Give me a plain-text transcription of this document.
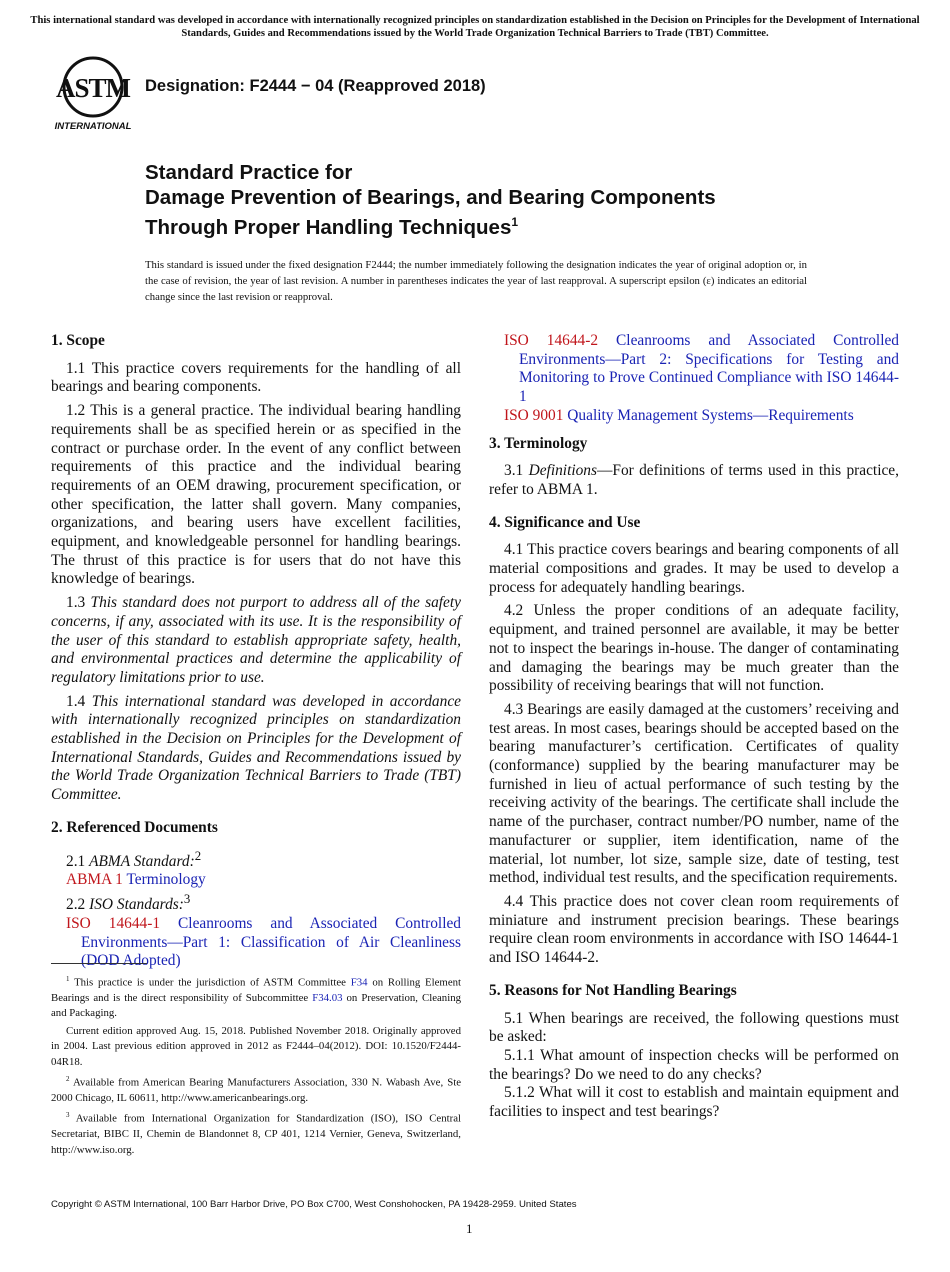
This international standard was developed in accordance with internationally recognized principles on standardization established in the Decision on Principles for the Development of International Standards, Guides and Recommendations issued by the World Trade Organization Technical Barriers to Trade (TBT) Committee.
ASTM
INTERNATIONAL
Designation: F2444 − 04 (Reapproved 2018)
Standard Practice for
Damage Prevention of Bearings, and Bearing Components
Through Proper Handling Techniques$^1$
This standard is issued under the fixed designation F2444; the number immediately following the designation indicates the year of original adoption or, in the case of revision, the year of last revision. A number in parentheses indicates the year of last reapproval. A superscript epsilon (ε) indicates an editorial change since the last revision or reapproval.
1. Scope

1.1 This practice covers requirements for the handling of all bearings and bearing components.

1.2 This is a general practice. The individual bearing handling requirements shall be as specified herein or as specified in the contract or purchase order. In the event of any conflict between requirements of this practice and the individual bearing requirements of an OEM drawing, procurement specification, or other specification, the latter shall govern. Many companies, organizations, and bearing users have excellent facilities, equipment, and knowledgeable personnel for handling bearings. The thrust of this practice is for users that do not have this knowledge of bearings.

1.3 This standard does not purport to address all of the safety concerns, if any, associated with its use. It is the responsibility of the user of this standard to establish appropriate safety, health, and environmental practices and determine the applicability of regulatory limitations prior to use.

1.4 This international standard was developed in accordance with internationally recognized principles on standardization established in the Decision on Principles for the Development of International Standards, Guides and Recommendations issued by the World Trade Organization Technical Barriers to Trade (TBT) Committee.

2. Referenced Documents

2.1 ABMA Standard:$^2$

ABMA 1 Terminology

2.2 ISO Standards:$^3$

ISO 14644-1 Cleanrooms and Associated Controlled Environments—Part 1: Classification of Air Cleanliness (DOD Adopted)

$^1$ This practice is under the jurisdiction of ASTM Committee F34 on Rolling Element Bearings and is the direct responsibility of Subcommittee F34.03 on Preservation, Cleaning and Packaging.

Current edition approved Aug. 15, 2018. Published November 2018. Originally approved in 2004. Last previous edition approved in 2012 as F2444–04(2012). DOI: 10.1520/F2444-04R18.

$^2$ Available from American Bearing Manufacturers Association, 330 N. Wabash Ave, Ste 2000 Chicago, IL 60611, http://www.americanbearings.org.

$^3$ Available from International Organization for Standardization (ISO), ISO Central Secretariat, BIBC II, Chemin de Blandonnet 8, CP 401, 1214 Vernier, Geneva, Switzerland, http://www.iso.org.

ISO 14644-2 Cleanrooms and Associated Controlled Environments—Part 2: Specifications for Testing and Monitoring to Prove Continued Compliance with ISO 14644-1

ISO 9001 Quality Management Systems—Requirements

3. Terminology

3.1 Definitions—For definitions of terms used in this practice, refer to ABMA 1.

4. Significance and Use

4.1 This practice covers bearings and bearing components of all material compositions and grades. It may be used to develop a process for adequately handling bearings.

4.2 Unless the proper conditions of an adequate facility, equipment, and trained personnel are available, it may be better not to inspect the bearings in-house. The danger of contaminating and damaging the bearings may be much greater than the possibility of receiving bearings that will not function.

4.3 Bearings are easily damaged at the customers’ receiving and test areas. In most cases, bearings should be accepted based on the bearing manufacturer’s certification. Certificates of quality (conformance) supplied by the bearing manufacturer may be furnished in lieu of actual performance of such testing by the receiving activity of the bearings. The certificate shall include the name of the purchaser, contract number/PO number, name of the manufacturer or supplier, item identification, name of the material, lot number, lot size, sample size, date of testing, test method, individual test results, and the specification requirements.

4.4 This practice does not cover clean room requirements of miniature and instrument precision bearings. These bearings require clean room environments in accordance with ISO 14644-1 and ISO 14644-2.

5. Reasons for Not Handling Bearings

5.1 When bearings are received, the following questions must be asked:

5.1.1 What amount of inspection checks will be performed on the bearings? Do we need to do any checks?

5.1.2 What will it cost to establish and maintain equipment and facilities to inspect and test bearings?

Copyright © ASTM International, 100 Barr Harbor Drive, PO Box C700, West Conshohocken, PA 19428-2959. United States
1
